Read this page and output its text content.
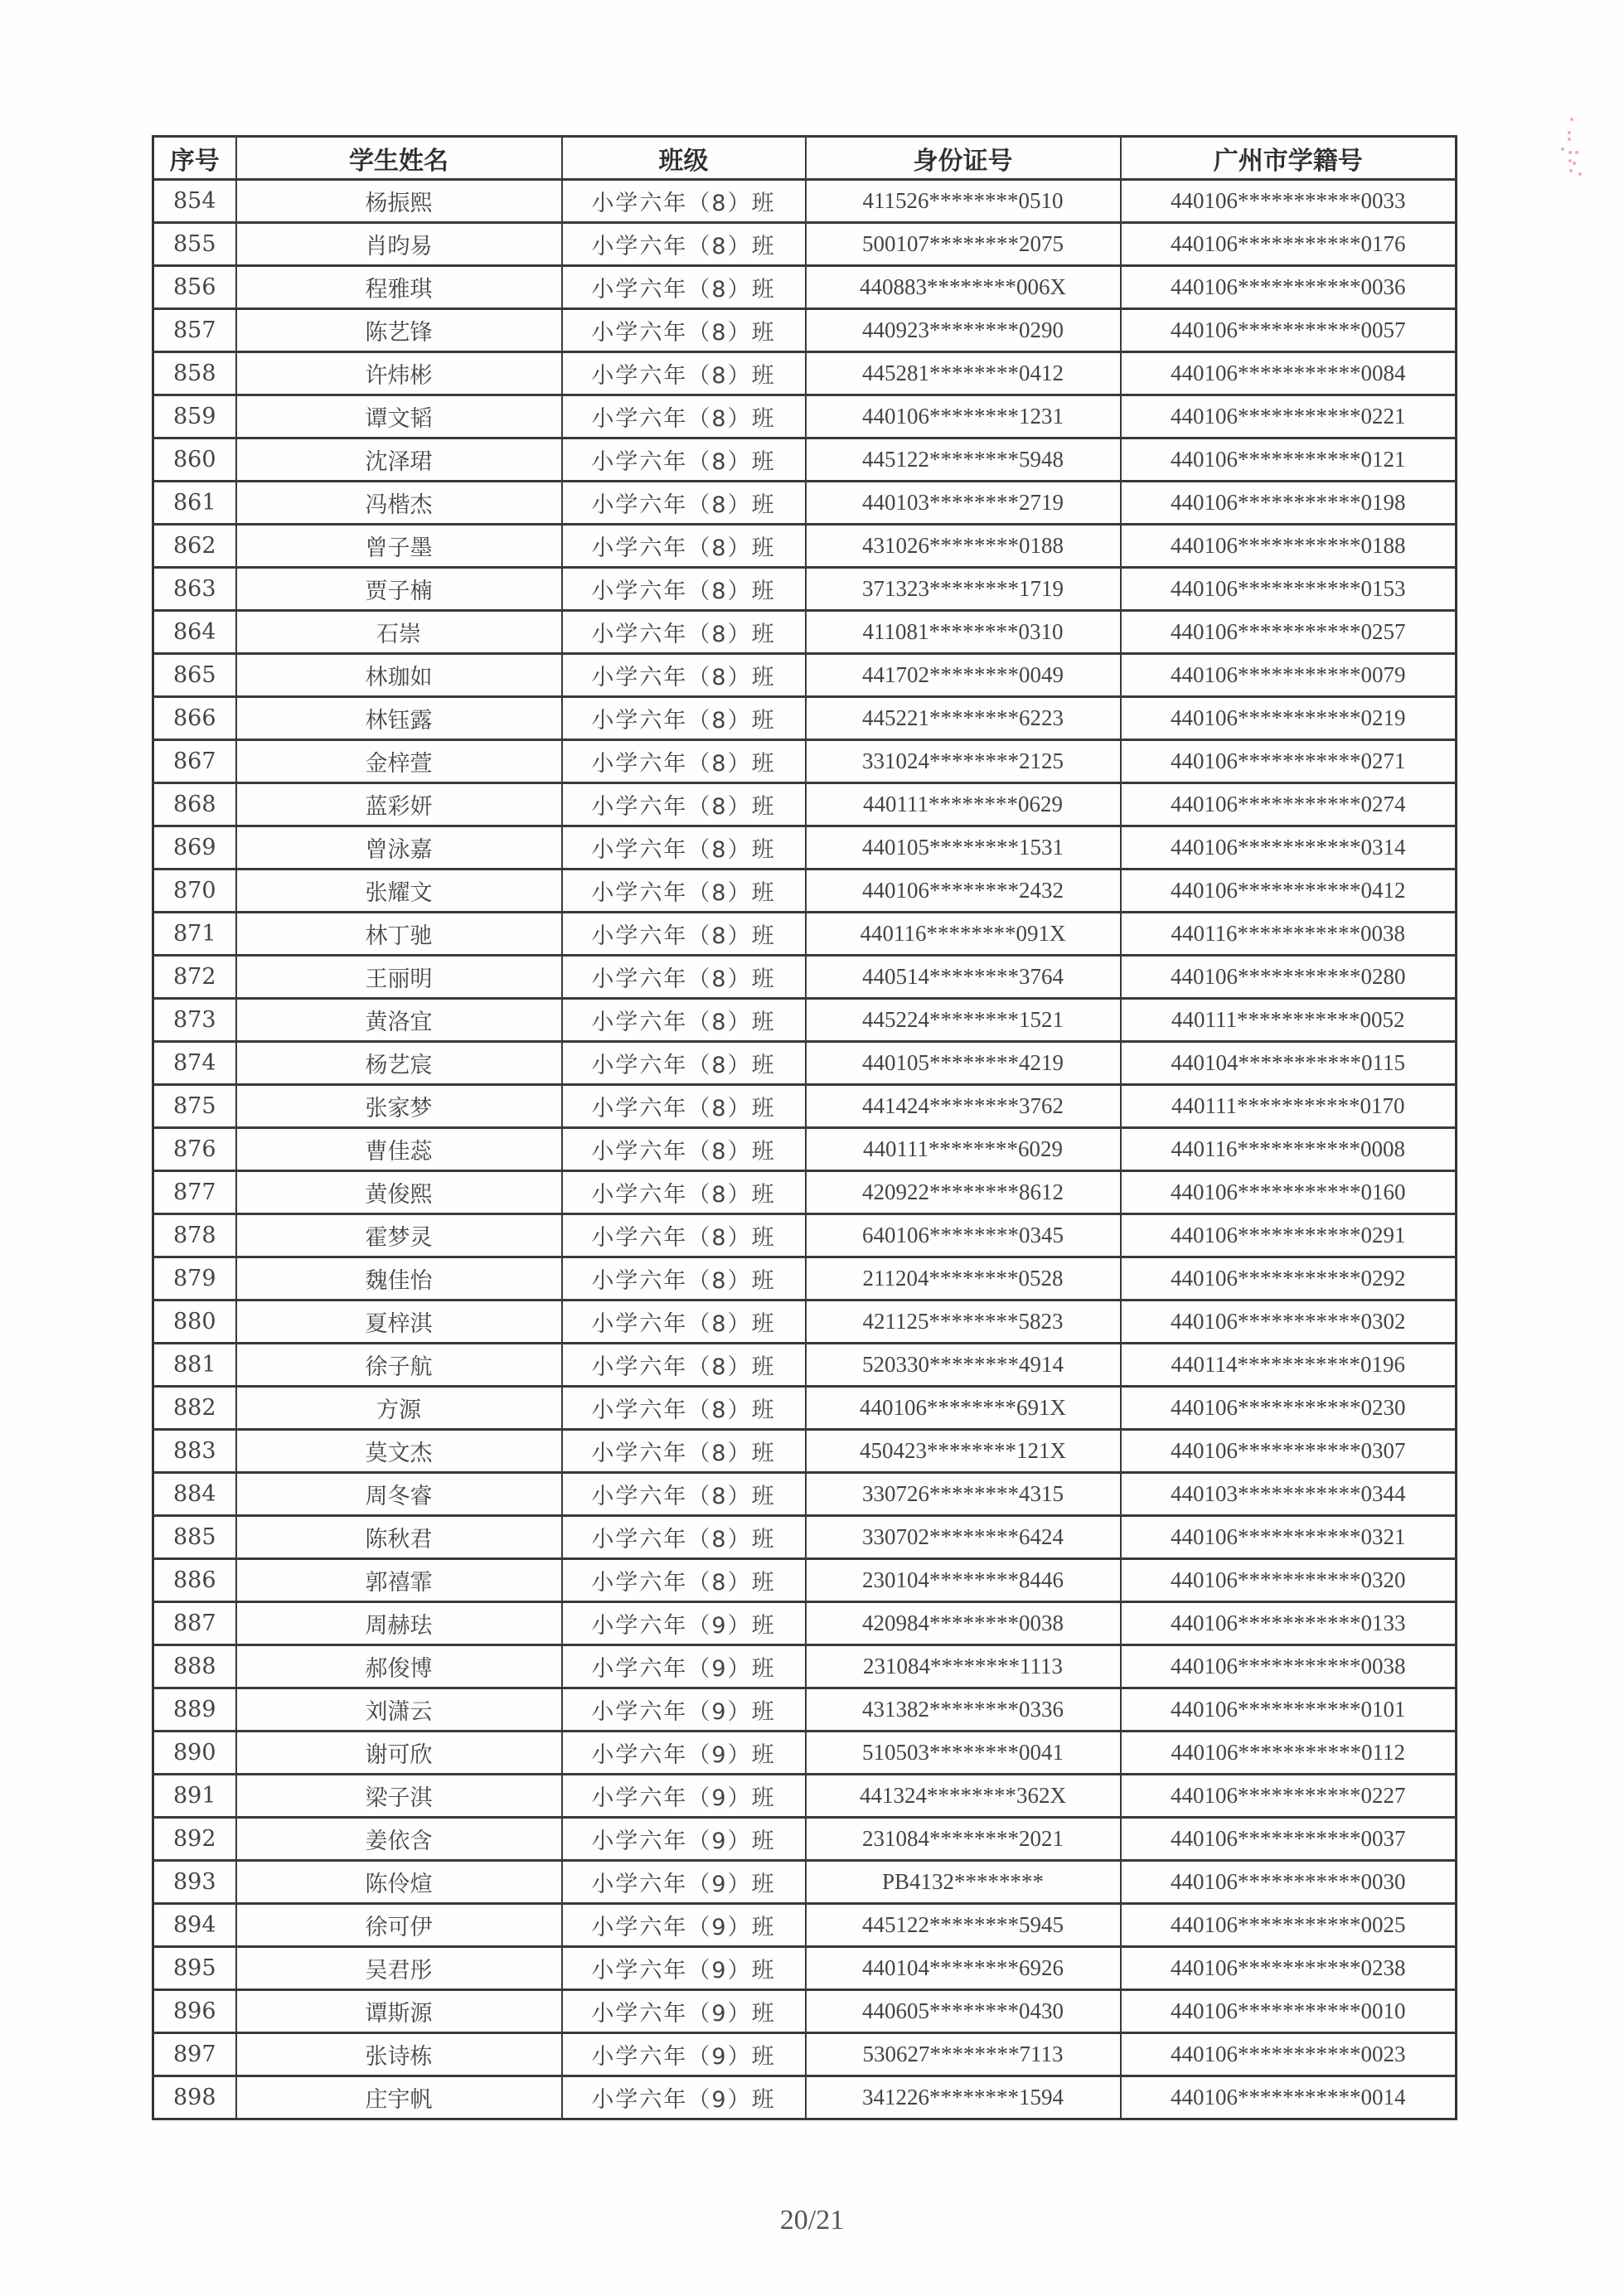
序号	学生姓名	班级	身份证号	广州市学籍号
854	杨振熙	小学六年（8）班	411526********0510	440106***********0033
855	肖昀易	小学六年（8）班	500107********2075	440106***********0176
856	程雅琪	小学六年（8）班	440883********006X	440106***********0036
857	陈艺锋	小学六年（8）班	440923********0290	440106***********0057
858	许炜彬	小学六年（8）班	445281********0412	440106***********0084
859	谭文韬	小学六年（8）班	440106********1231	440106***********0221
860	沈泽珺	小学六年（8）班	445122********5948	440106***********0121
861	冯楷杰	小学六年（8）班	440103********2719	440106***********0198
862	曾子墨	小学六年（8）班	431026********0188	440106***********0188
863	贾子楠	小学六年（8）班	371323********1719	440106***********0153
864	石崇	小学六年（8）班	411081********0310	440106***********0257
865	林珈如	小学六年（8）班	441702********0049	440106***********0079
866	林钰露	小学六年（8）班	445221********6223	440106***********0219
867	金梓萱	小学六年（8）班	331024********2125	440106***********0271
868	蓝彩妍	小学六年（8）班	440111********0629	440106***********0274
869	曾泳嘉	小学六年（8）班	440105********1531	440106***********0314
870	张耀文	小学六年（8）班	440106********2432	440106***********0412
871	林丁驰	小学六年（8）班	440116********091X	440116***********0038
872	王丽明	小学六年（8）班	440514********3764	440106***********0280
873	黄洛宜	小学六年（8）班	445224********1521	440111***********0052
874	杨艺宸	小学六年（8）班	440105********4219	440104***********0115
875	张家梦	小学六年（8）班	441424********3762	440111***********0170
876	曹佳蕊	小学六年（8）班	440111********6029	440116***********0008
877	黄俊熙	小学六年（8）班	420922********8612	440106***********0160
878	霍梦灵	小学六年（8）班	640106********0345	440106***********0291
879	魏佳怡	小学六年（8）班	211204********0528	440106***********0292
880	夏梓淇	小学六年（8）班	421125********5823	440106***********0302
881	徐子航	小学六年（8）班	520330********4914	440114***********0196
882	方源	小学六年（8）班	440106********691X	440106***********0230
883	莫文杰	小学六年（8）班	450423********121X	440106***********0307
884	周冬睿	小学六年（8）班	330726********4315	440103***********0344
885	陈秋君	小学六年（8）班	330702********6424	440106***********0321
886	郭禧霏	小学六年（8）班	230104********8446	440106***********0320
887	周赫珐	小学六年（9）班	420984********0038	440106***********0133
888	郝俊博	小学六年（9）班	231084********1113	440106***********0038
889	刘潇云	小学六年（9）班	431382********0336	440106***********0101
890	谢可欣	小学六年（9）班	510503********0041	440106***********0112
891	梁子淇	小学六年（9）班	441324********362X	440106***********0227
892	姜依含	小学六年（9）班	231084********2021	440106***********0037
893	陈伶煊	小学六年（9）班	PB4132********	440106***********0030
894	徐可伊	小学六年（9）班	445122********5945	440106***********0025
895	吴君彤	小学六年（9）班	440104********6926	440106***********0238
896	谭斯源	小学六年（9）班	440605********0430	440106***********0010
897	张诗栋	小学六年（9）班	530627********7113	440106***********0023
898	庄宇帆	小学六年（9）班	341226********1594	440106***********0014
20/21
